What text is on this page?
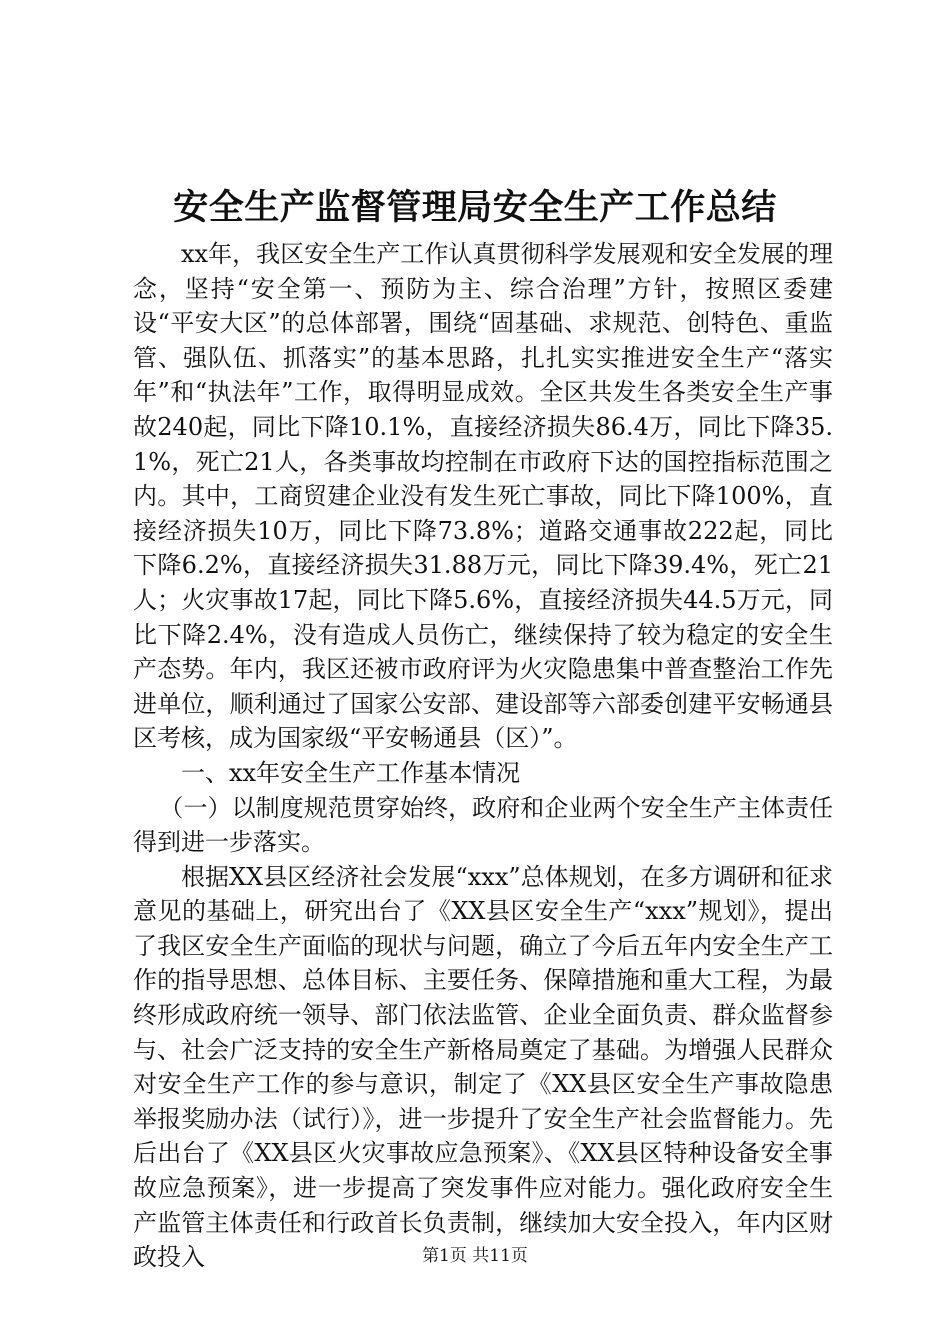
安全生产监督管理局安全生产工作总结

xx年，我区安全生产工作认真贯彻科学发展观和安全发展的理念，坚持“安全第一、预防为主、综合治理”方针，按照区委建设“平安大区”的总体部署，围绕“固基础、求规范、创特色、重监管、强队伍、抓落实”的基本思路，扎扎实实推进安全生产“落实年”和“执法年”工作，取得明显成效。全区共发生各类安全生产事故240起，同比下降10.1%，直接经济损失86.4万，同比下降35.1%，死亡21人，各类事故均控制在市政府下达的国控指标范围之内。其中，工商贸建企业没有发生死亡事故，同比下降100%，直接经济损失10万，同比下降73.8%；道路交通事故222起，同比下降6.2%，直接经济损失31.88万元，同比下降39.4%，死亡21人；火灾事故17起，同比下降5.6%，直接经济损失44.5万元，同比下降2.4%，没有造成人员伤亡，继续保持了较为稳定的安全生产态势。年内，我区还被市政府评为火灾隐患集中普查整治工作先进单位，顺利通过了国家公安部、建设部等六部委创建平安畅通县区考核，成为国家级“平安畅通县（区）”。

一、xx年安全生产工作基本情况

（一）以制度规范贯穿始终，政府和企业两个安全生产主体责任得到进一步落实。

根据XX县区经济社会发展“xxx”总体规划，在多方调研和征求意见的基础上，研究出台了《XX县区安全生产“xxx”规划》，提出了我区安全生产面临的现状与问题，确立了今后五年内安全生产工作的指导思想、总体目标、主要任务、保障措施和重大工程，为最终形成政府统一领导、部门依法监管、企业全面负责、群众监督参与、社会广泛支持的安全生产新格局奠定了基础。为增强人民群众对安全生产工作的参与意识，制定了《XX县区安全生产事故隐患举报奖励办法（试行）》，进一步提升了安全生产社会监督能力。先后出台了《XX县区火灾事故应急预案》、《XX县区特种设备安全事故应急预案》，进一步提高了突发事件应对能力。强化政府安全生产监管主体责任和行政首长负责制，继续加大安全投入，年内区财政投入	第1页 共11页
